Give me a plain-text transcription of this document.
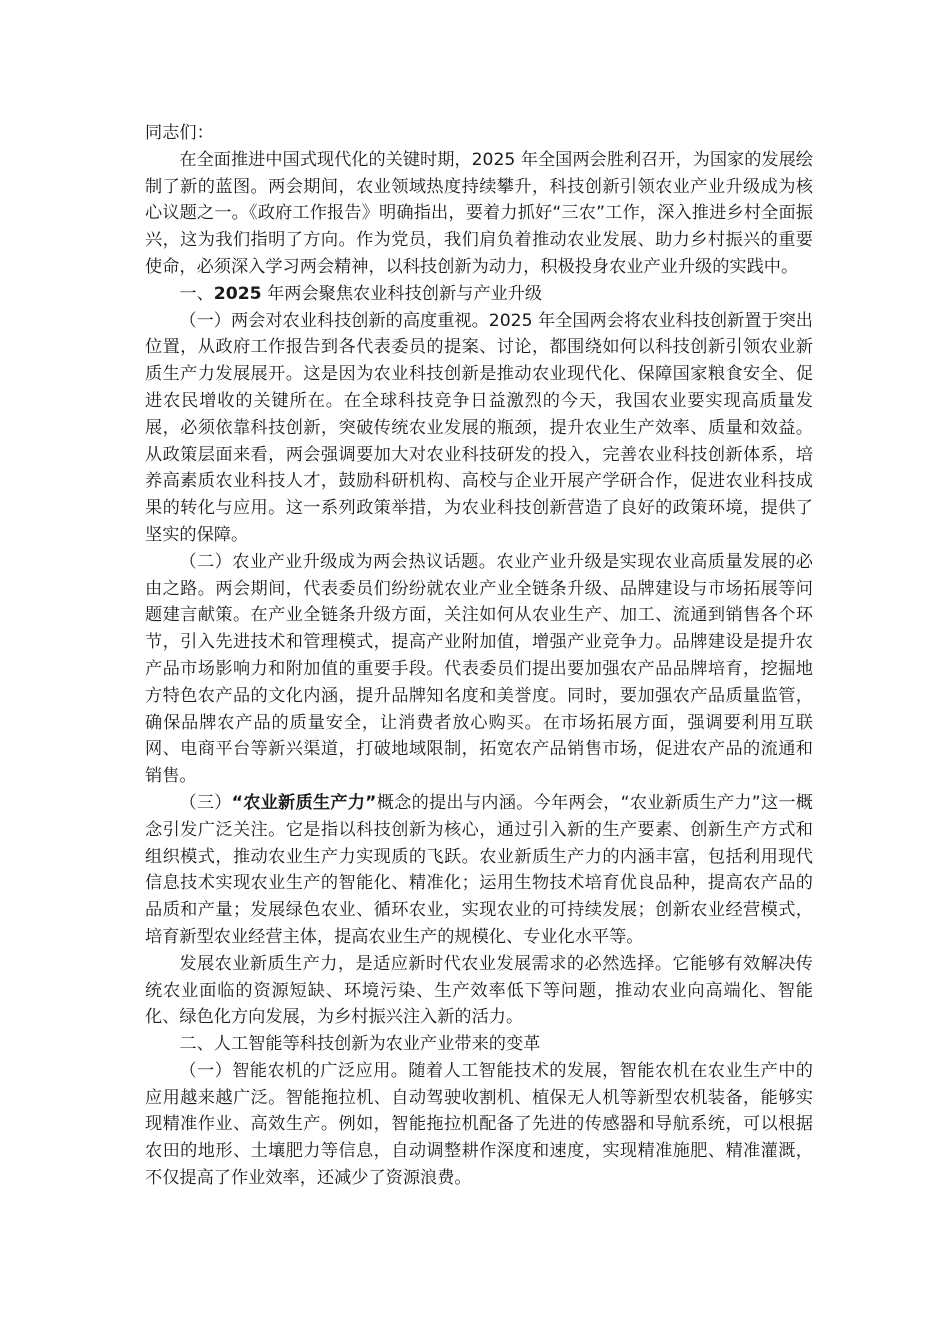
同志们：

在全面推进中国式现代化的关键时期，2025 年全国两会胜利召开，为国家的发展绘制了新的蓝图。两会期间，农业领域热度持续攀升，科技创新引领农业产业升级成为核心议题之一。《政府工作报告》明确指出，要着力抓好“三农”工作，深入推进乡村全面振兴，这为我们指明了方向。作为党员，我们肩负着推动农业发展、助力乡村振兴的重要使命，必须深入学习两会精神，以科技创新为动力，积极投身农业产业升级的实践中。

一、2025 年两会聚焦农业科技创新与产业升级

（一）两会对农业科技创新的高度重视。2025 年全国两会将农业科技创新置于突出位置，从政府工作报告到各代表委员的提案、讨论，都围绕如何以科技创新引领农业新质生产力发展展开。这是因为农业科技创新是推动农业现代化、保障国家粮食安全、促进农民增收的关键所在。在全球科技竞争日益激烈的今天，我国农业要实现高质量发展，必须依靠科技创新，突破传统农业发展的瓶颈，提升农业生产效率、质量和效益。从政策层面来看，两会强调要加大对农业科技研发的投入，完善农业科技创新体系，培养高素质农业科技人才，鼓励科研机构、高校与企业开展产学研合作，促进农业科技成果的转化与应用。这一系列政策举措，为农业科技创新营造了良好的政策环境，提供了坚实的保障。

（二）农业产业升级成为两会热议话题。农业产业升级是实现农业高质量发展的必由之路。两会期间，代表委员们纷纷就农业产业全链条升级、品牌建设与市场拓展等问题建言献策。在产业全链条升级方面，关注如何从农业生产、加工、流通到销售各个环节，引入先进技术和管理模式，提高产业附加值，增强产业竞争力。品牌建设是提升农产品市场影响力和附加值的重要手段。代表委员们提出要加强农产品品牌培育，挖掘地方特色农产品的文化内涵，提升品牌知名度和美誉度。同时，要加强农产品质量监管，确保品牌农产品的质量安全，让消费者放心购买。在市场拓展方面，强调要利用互联网、电商平台等新兴渠道，打破地域限制，拓宽农产品销售市场，促进农产品的流通和销售。

（三）“农业新质生产力”概念的提出与内涵。今年两会，“农业新质生产力”这一概念引发广泛关注。它是指以科技创新为核心，通过引入新的生产要素、创新生产方式和组织模式，推动农业生产力实现质的飞跃。农业新质生产力的内涵丰富，包括利用现代信息技术实现农业生产的智能化、精准化；运用生物技术培育优良品种，提高农产品的品质和产量；发展绿色农业、循环农业，实现农业的可持续发展；创新农业经营模式，培育新型农业经营主体，提高农业生产的规模化、专业化水平等。

发展农业新质生产力，是适应新时代农业发展需求的必然选择。它能够有效解决传统农业面临的资源短缺、环境污染、生产效率低下等问题，推动农业向高端化、智能化、绿色化方向发展，为乡村振兴注入新的活力。

二、人工智能等科技创新为农业产业带来的变革

（一）智能农机的广泛应用。随着人工智能技术的发展，智能农机在农业生产中的应用越来越广泛。智能拖拉机、自动驾驶收割机、植保无人机等新型农机装备，能够实现精准作业、高效生产。例如，智能拖拉机配备了先进的传感器和导航系统，可以根据农田的地形、土壤肥力等信息，自动调整耕作深度和速度，实现精准施肥、精准灌溉，不仅提高了作业效率，还减少了资源浪费。
